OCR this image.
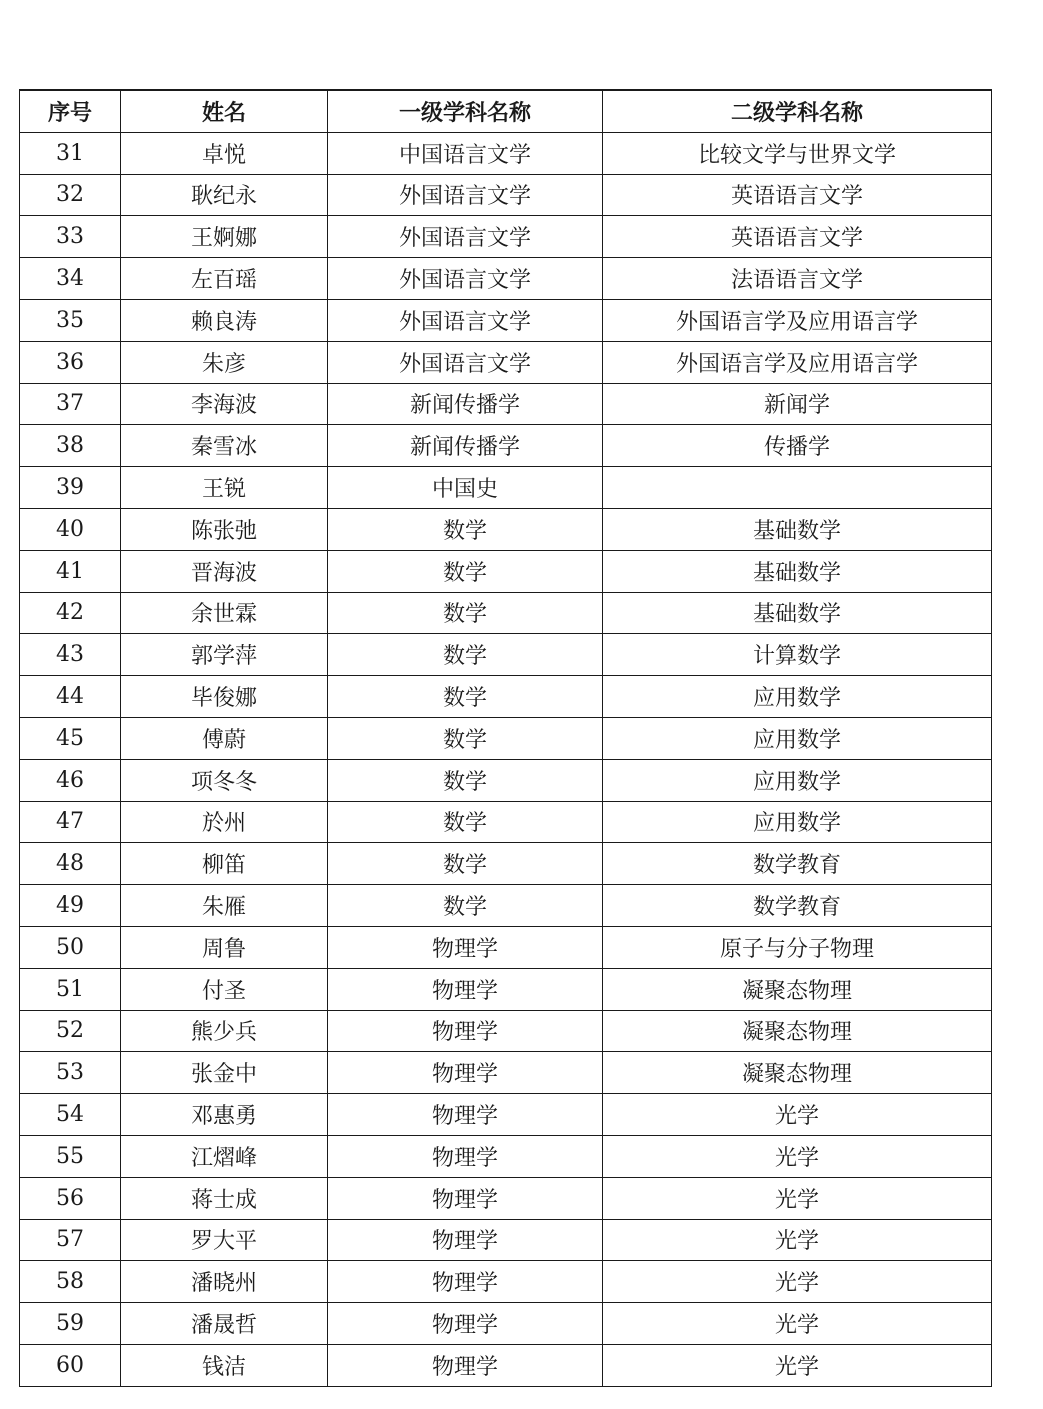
序号	姓名	一级学科名称	二级学科名称
31	卓悦	中国语言文学	比较文学与世界文学
32	耿纪永	外国语言文学	英语语言文学
33	王婀娜	外国语言文学	英语语言文学
34	左百瑶	外国语言文学	法语语言文学
35	赖良涛	外国语言文学	外国语言学及应用语言学
36	朱彦	外国语言文学	外国语言学及应用语言学
37	李海波	新闻传播学	新闻学
38	秦雪冰	新闻传播学	传播学
39	王锐	中国史	
40	陈张弛	数学	基础数学
41	晋海波	数学	基础数学
42	余世霖	数学	基础数学
43	郭学萍	数学	计算数学
44	毕俊娜	数学	应用数学
45	傅蔚	数学	应用数学
46	项冬冬	数学	应用数学
47	於州	数学	应用数学
48	柳笛	数学	数学教育
49	朱雁	数学	数学教育
50	周鲁	物理学	原子与分子物理
51	付圣	物理学	凝聚态物理
52	熊少兵	物理学	凝聚态物理
53	张金中	物理学	凝聚态物理
54	邓惠勇	物理学	光学
55	江熠峰	物理学	光学
56	蒋士成	物理学	光学
57	罗大平	物理学	光学
58	潘晓州	物理学	光学
59	潘晟哲	物理学	光学
60	钱洁	物理学	光学
